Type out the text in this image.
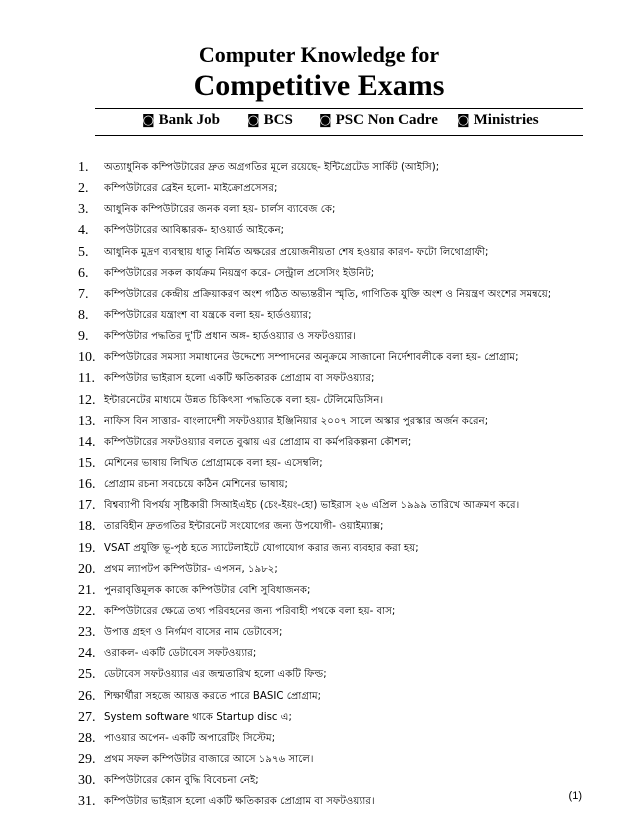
Computer Knowledge for
Competitive Exams
◙ Bank Job ◙ BCS ◙ PSC Non Cadre ◙ Ministries
1.	অত্যাধুনিক কম্পিউটারের দ্রুত অগ্রগতির মূলে রয়েছে- ইন্টিগ্রেটেড সার্কিট (আইসি);
2.	কম্পিউটারের ব্রেইন হলো- মাইক্রোপ্রসেসর;
3.	আধুনিক কম্পিউটারের জনক বলা হয়- চার্লস ব্যাবেজ কে;
4.	কম্পিউটারের আবিষ্কারক- হাওয়ার্ড আইকেন;
5.	আধুনিক মুদ্রণ ব্যবস্থায় ধাতু নির্মিত অক্ষরের প্রয়োজনীয়তা শেষ হওয়ার কারণ- ফটো লিথোগ্রাফী;
6.	কম্পিউটারের সকল কার্যক্রম নিয়ন্ত্রণ করে- সেন্ট্রাল প্রসেসিং ইউনিট;
7.	কম্পিউটারের কেন্দ্রীয় প্রক্রিয়াকরণ অংশ গঠিত অভ্যন্তরীন স্মৃতি, গাণিতিক যুক্তি অংশ ও নিয়ন্ত্রণ অংশের সমন্বয়ে;
8.	কম্পিউটারের যন্ত্রাংশ বা যন্ত্রকে বলা হয়- হার্ডওয়্যার;
9.	কম্পিউটার পদ্ধতির দু'টি প্রধান অঙ্গ- হার্ডওয়্যার ও সফটওয়্যার।
10. কম্পিউটারের সমস্যা সমাধানের উদ্দেশ্যে সম্পাদনের অনুক্রমে সাজানো নির্দেশাবলীকে বলা হয়- প্রোগ্রাম;
11. কম্পিউটার ভাইরাস হলো একটি ক্ষতিকারক প্রোগ্রাম বা সফটওয়্যার;
12. ইন্টারনেটের মাধ্যমে উন্নত চিকিৎসা পদ্ধতিকে বলা হয়- টেলিমেডিসিন।
13. নাফিস বিন সাত্তার- বাংলাদেশী সফটওয়্যার ইঞ্জিনিয়ার ২০০৭ সালে অস্কার পুরস্কার অর্জন করেন;
14. কম্পিউটারের সফটওয়্যার বলতে বুঝায় এর প্রোগ্রাম বা কর্মপরিকল্পনা কৌশল;
15. মেশিনের ভাষায় লিখিত প্রোগ্রামকে বলা হয়- এসেম্বলি;
16. প্রোগ্রাম রচনা সবচেয়ে কঠিন মেশিনের ভাষায়;
17. বিশ্বব্যাপী বিপর্যয় সৃষ্টিকারী সিআইএইচ (চেং-ইয়ং-হো) ভাইরাস ২৬ এপ্রিল ১৯৯৯ তারিখে আক্রমণ করে।
18. তারবিহীন দ্রুতগতির ইন্টারনেট সংযোগের জন্য উপযোগী- ওয়াইম্যাক্স;
19. VSAT প্রযুক্তি ভূ-পৃষ্ঠ হতে স্যাটেলাইটে যোগাযোগ করার জন্য ব্যবহার করা হয়;
20. প্রথম ল্যাপটপ কম্পিউটার- এপসন, ১৯৮২;
21. পুনরাবৃত্তিমূলক কাজে কম্পিউটার বেশি সুবিধাজনক;
22. কম্পিউটারের ক্ষেত্রে তথ্য পরিবহনের জন্য পরিবাহী পথকে বলা হয়- বাস;
23. উপাত্ত গ্রহণ ও নির্গমণ বাসের নাম ডেটাবেস;
24. ওরাকল- একটি ডেটাবেস সফটওয়্যার;
25. ডেটাবেস সফটওয়্যার এর জন্মতারিখ হলো একটি ফিল্ড;
26. শিক্ষার্থীরা সহজে আয়ত্ত করতে পারে BASIC প্রোগ্রাম;
27. System software থাকে Startup disc এ;
28. পাওয়ার অপেন- একটি অপারেটিং সিস্টেম;
29. প্রথম সফল কম্পিউটার বাজারে আসে ১৯৭৬ সালে।
30. কম্পিউটারের কোন বুদ্ধি বিবেচনা নেই;
31. কম্পিউটার ভাইরাস হলো একটি ক্ষতিকারক প্রোগ্রাম বা সফটওয়্যার।	(1)
